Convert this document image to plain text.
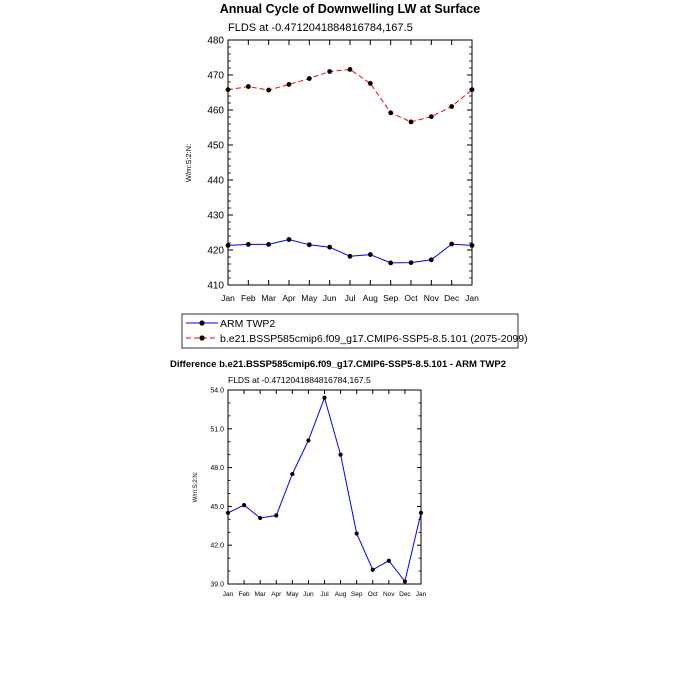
Annual Cycle of Downwelling LW at Surface
FLDS at -0.4712041884816784,167.5
W/m:S:2:N:
410
420
430
440
450
460
470
480
Jan Feb Mar Apr May Jun Jul Aug Sep Oct Nov Dec Jan
ARM TWP2
b.e21.BSSP585cmip6.f09_g17.CMIP6-SSP5-8.5.101 (2075-2099)
Difference b.e21.BSSP585cmip6.f09_g17.CMIP6-SSP5-8.5.101 - ARM TWP2
FLDS at -0.4712041884816784,167.5
W/m:S:2:N:
39.0
42.0
45.0
48.0
51.0
54.0
Jan Feb Mar Apr May Jun Jul Aug Sep Oct Nov Dec Jan
